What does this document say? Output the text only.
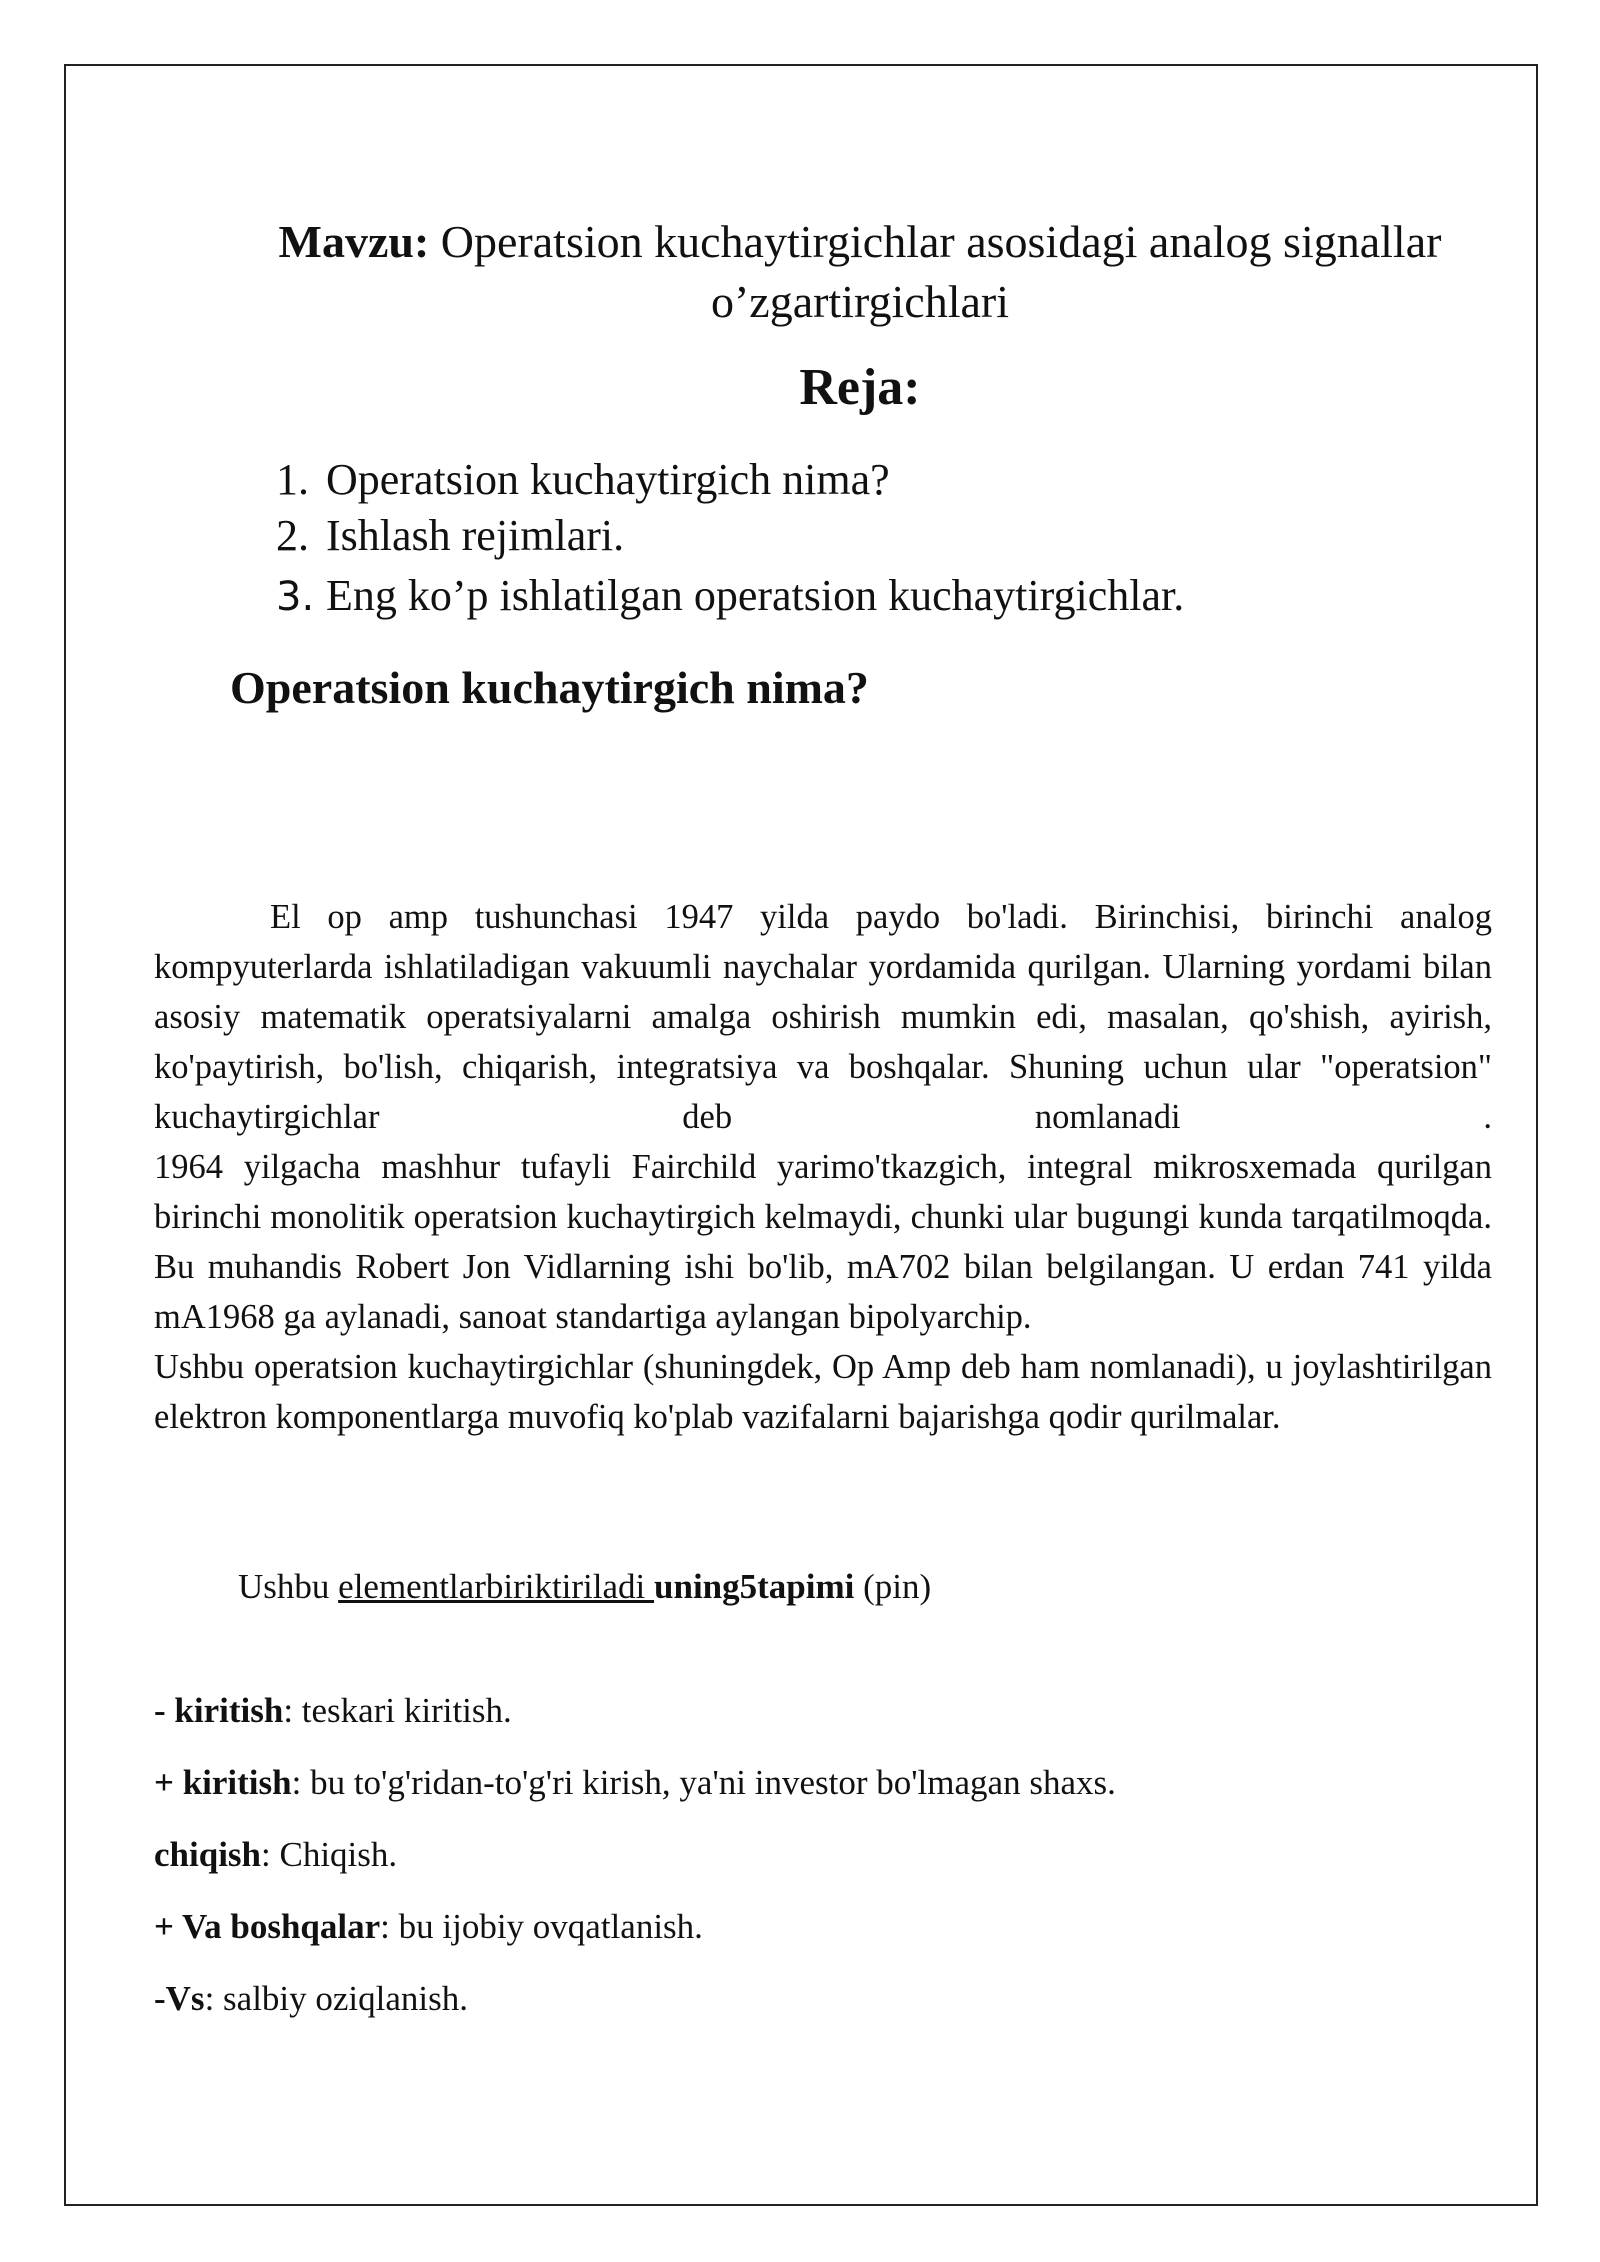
Mavzu: Operatsion kuchaytirgichlar asosidagi analog signallar
o’zgartirgichlari
Reja:
1. Operatsion kuchaytirgich nima?
2. Ishlash rejimlari.
3. Eng ko’p ishlatilgan operatsion kuchaytirgichlar.
Operatsion kuchaytirgich nima?

El op amp tushunchasi 1947 yilda paydo bo'ladi. Birinchisi, birinchi analog kompyuterlarda ishlatiladigan vakuumli naychalar yordamida qurilgan. Ularning yordami bilan asosiy matematik operatsiyalarni amalga oshirish mumkin edi, masalan, qo'shish, ayirish, ko'paytirish, bo'lish, chiqarish, integratsiya va boshqalar. Shuning uchun ular "operatsion" kuchaytirgichlar deb nomlanadi .

1964 yilgacha mashhur tufayli Fairchild yarimo'tkazgich, integral mikrosxemada qurilgan birinchi monolitik operatsion kuchaytirgich kelmaydi, chunki ular bugungi kunda tarqatilmoqda. Bu muhandis Robert Jon Vidlarning ishi bo'lib, mA702 bilan belgilangan. U erdan 741 yilda mA1968 ga aylanadi, sanoat standartiga aylangan bipolyarchip.

Ushbu operatsion kuchaytirgichlar (shuningdek, Op Amp deb ham nomlanadi), u joylashtirilgan elektron komponentlarga muvofiq ko'plab vazifalarni bajarishga qodir qurilmalar.

Ushbu elementlarbiriktiriladi uning5tapimi (pin)
- kiritish: teskari kiritish.
+ kiritish: bu to'g'ridan-to'g'ri kirish, ya'ni investor bo'lmagan shaxs.
chiqish: Chiqish.
+ Va boshqalar: bu ijobiy ovqatlanish.
-Vs: salbiy oziqlanish.
